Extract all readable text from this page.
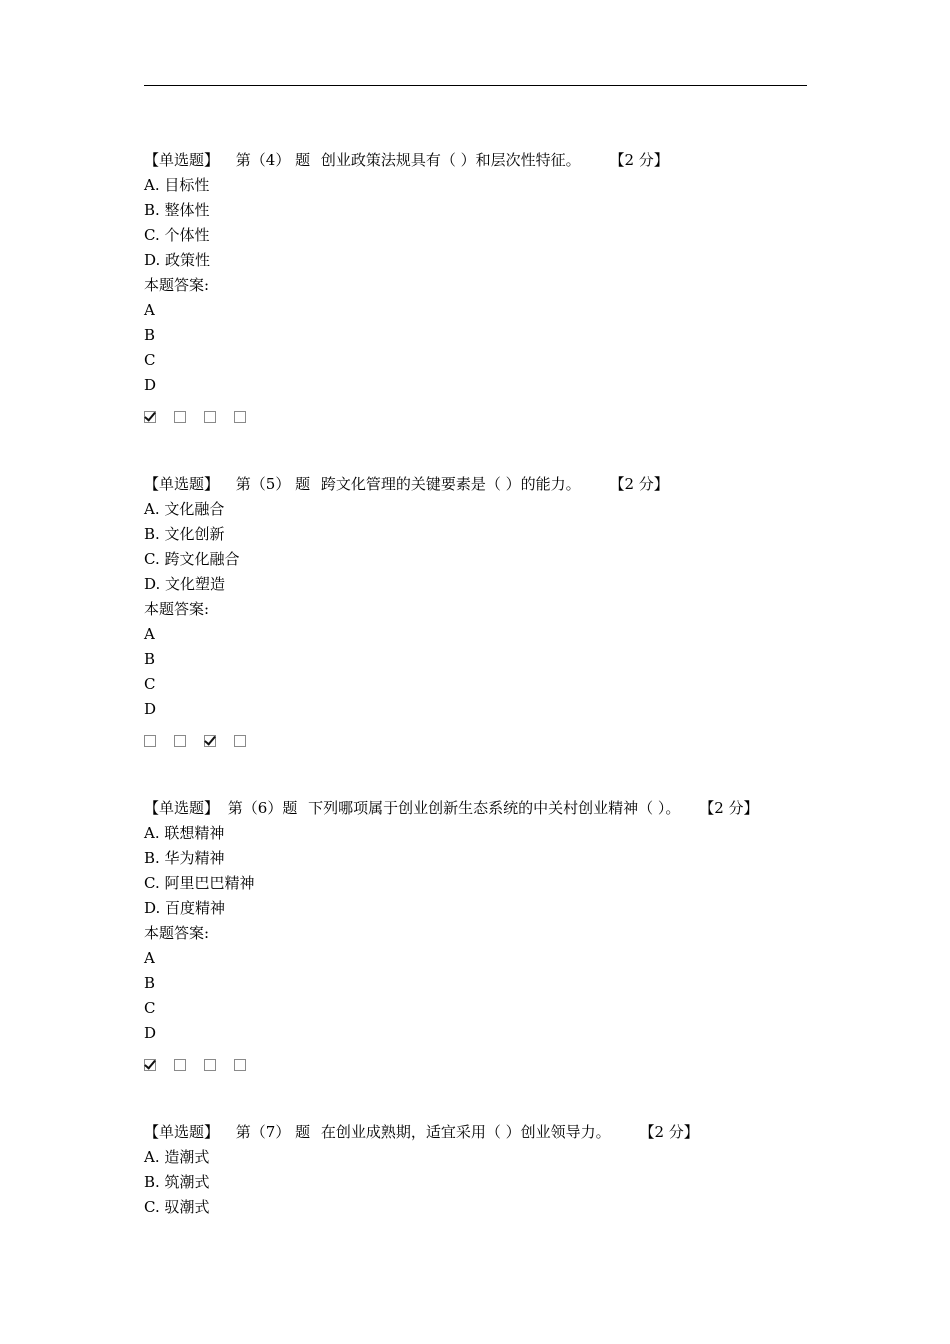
【单选题】 第（4） 题 创业政策法规具有（ ）和层次性特征。 【2 分】
A. 目标性
B. 整体性
C. 个体性
D. 政策性
本题答案:
A
B
C
D
【单选题】 第（5） 题 跨文化管理的关键要素是（ ）的能力。 【2 分】
A. 文化融合
B. 文化创新
C. 跨文化融合
D. 文化塑造
本题答案:
A
B
C
D
【单选题】 第（6）题 下列哪项属于创业创新生态系统的中关村创业精神（ ）。 【2 分】
A. 联想精神
B. 华为精神
C. 阿里巴巴精神
D. 百度精神
本题答案:
A
B
C
D
【单选题】 第（7） 题 在创业成熟期，适宜采用（ ）创业领导力。 【2 分】
A. 造潮式
B. 筑潮式
C. 驭潮式
